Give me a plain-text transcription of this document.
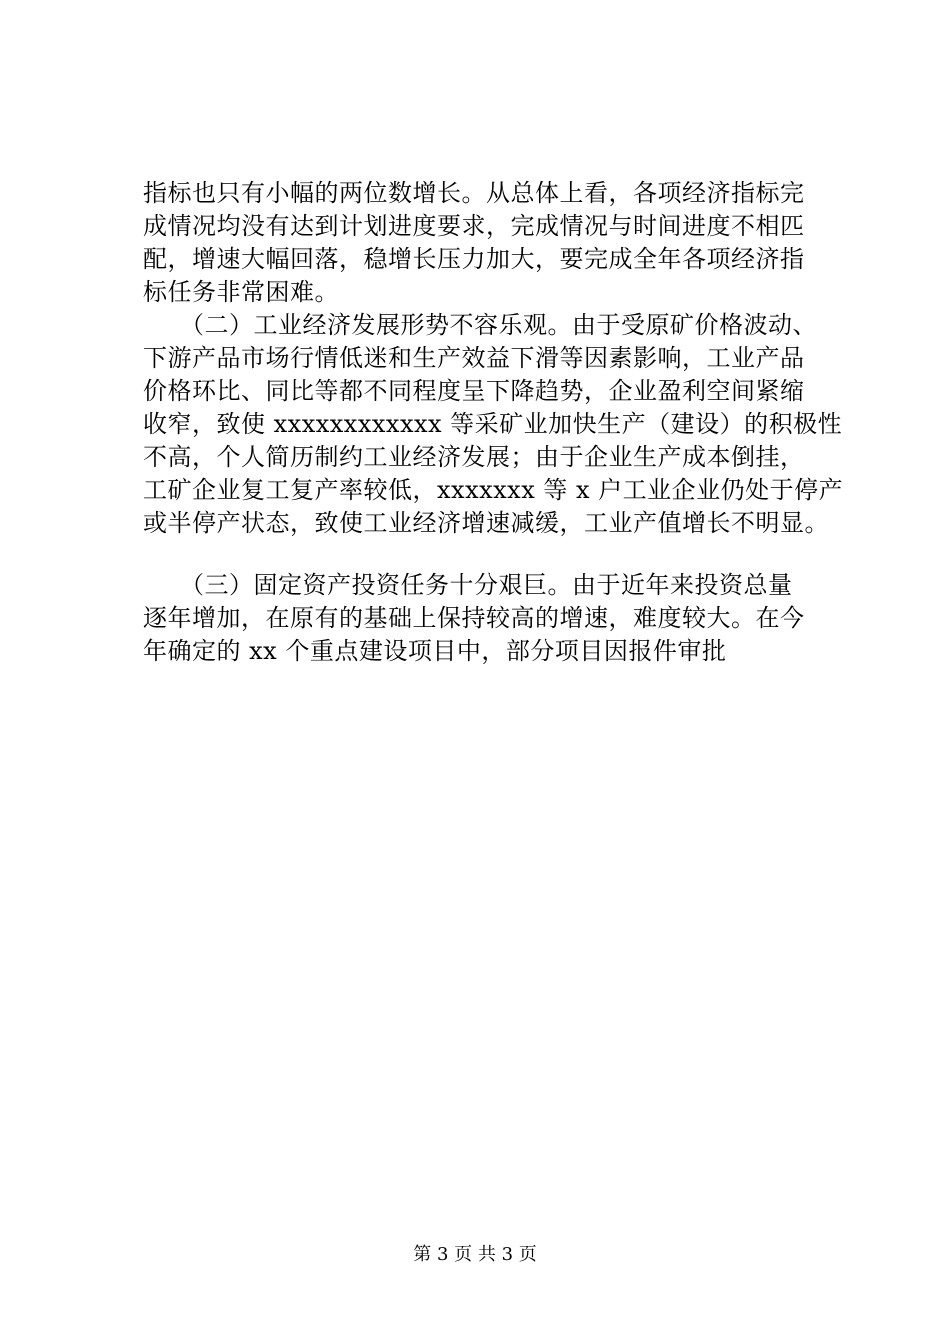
指标也只有小幅的两位数增长。从总体上看，各项经济指标完
成情况均没有达到计划进度要求，完成情况与时间进度不相匹
配，增速大幅回落，稳增长压力加大，要完成全年各项经济指
标任务非常困难。
　　（二）工业经济发展形势不容乐观。由于受原矿价格波动、
下游产品市场行情低迷和生产效益下滑等因素影响，工业产品
价格环比、同比等都不同程度呈下降趋势，企业盈利空间紧缩
收窄，致使 xxxxxxxxxxxx 等采矿业加快生产（建设）的积极性
不高，个人简历制约工业经济发展；由于企业生产成本倒挂，
工矿企业复工复产率较低，xxxxxxx 等 x 户工业企业仍处于停产
或半停产状态，致使工业经济增速减缓，工业产值增长不明显。
　　（三）固定资产投资任务十分艰巨。由于近年来投资总量
逐年增加，在原有的基础上保持较高的增速，难度较大。在今
年确定的 xx 个重点建设项目中，部分项目因报件审批
第 3 页 共 3 页
